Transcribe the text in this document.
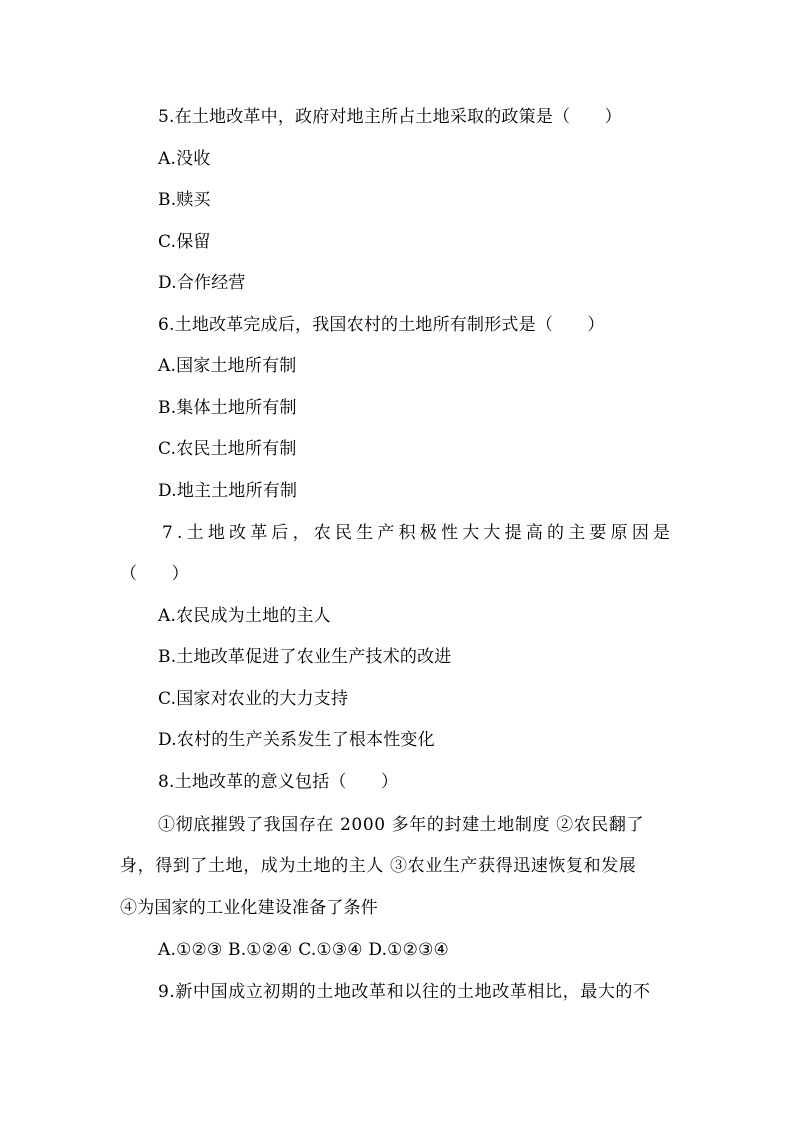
5.在土地改革中，政府对地主所占土地采取的政策是（　　）
A.没收
B.赎买
C.保留
D.合作经营
6.土地改革完成后，我国农村的土地所有制形式是（　　）
A.国家土地所有制
B.集体土地所有制
C.农民土地所有制
D.地主土地所有制
7.土地改革后，农民生产积极性大大提高的主要原因是
（　　）
A.农民成为土地的主人
B.土地改革促进了农业生产技术的改进
C.国家对农业的大力支持
D.农村的生产关系发生了根本性变化
8.土地改革的意义包括（　　）
①彻底摧毁了我国存在 2000 多年的封建土地制度 ②农民翻了
身，得到了土地，成为土地的主人 ③农业生产获得迅速恢复和发展
④为国家的工业化建设准备了条件
A.①②③ B.①②④ C.①③④ D.①②③④
9.新中国成立初期的土地改革和以往的土地改革相比，最大的不
